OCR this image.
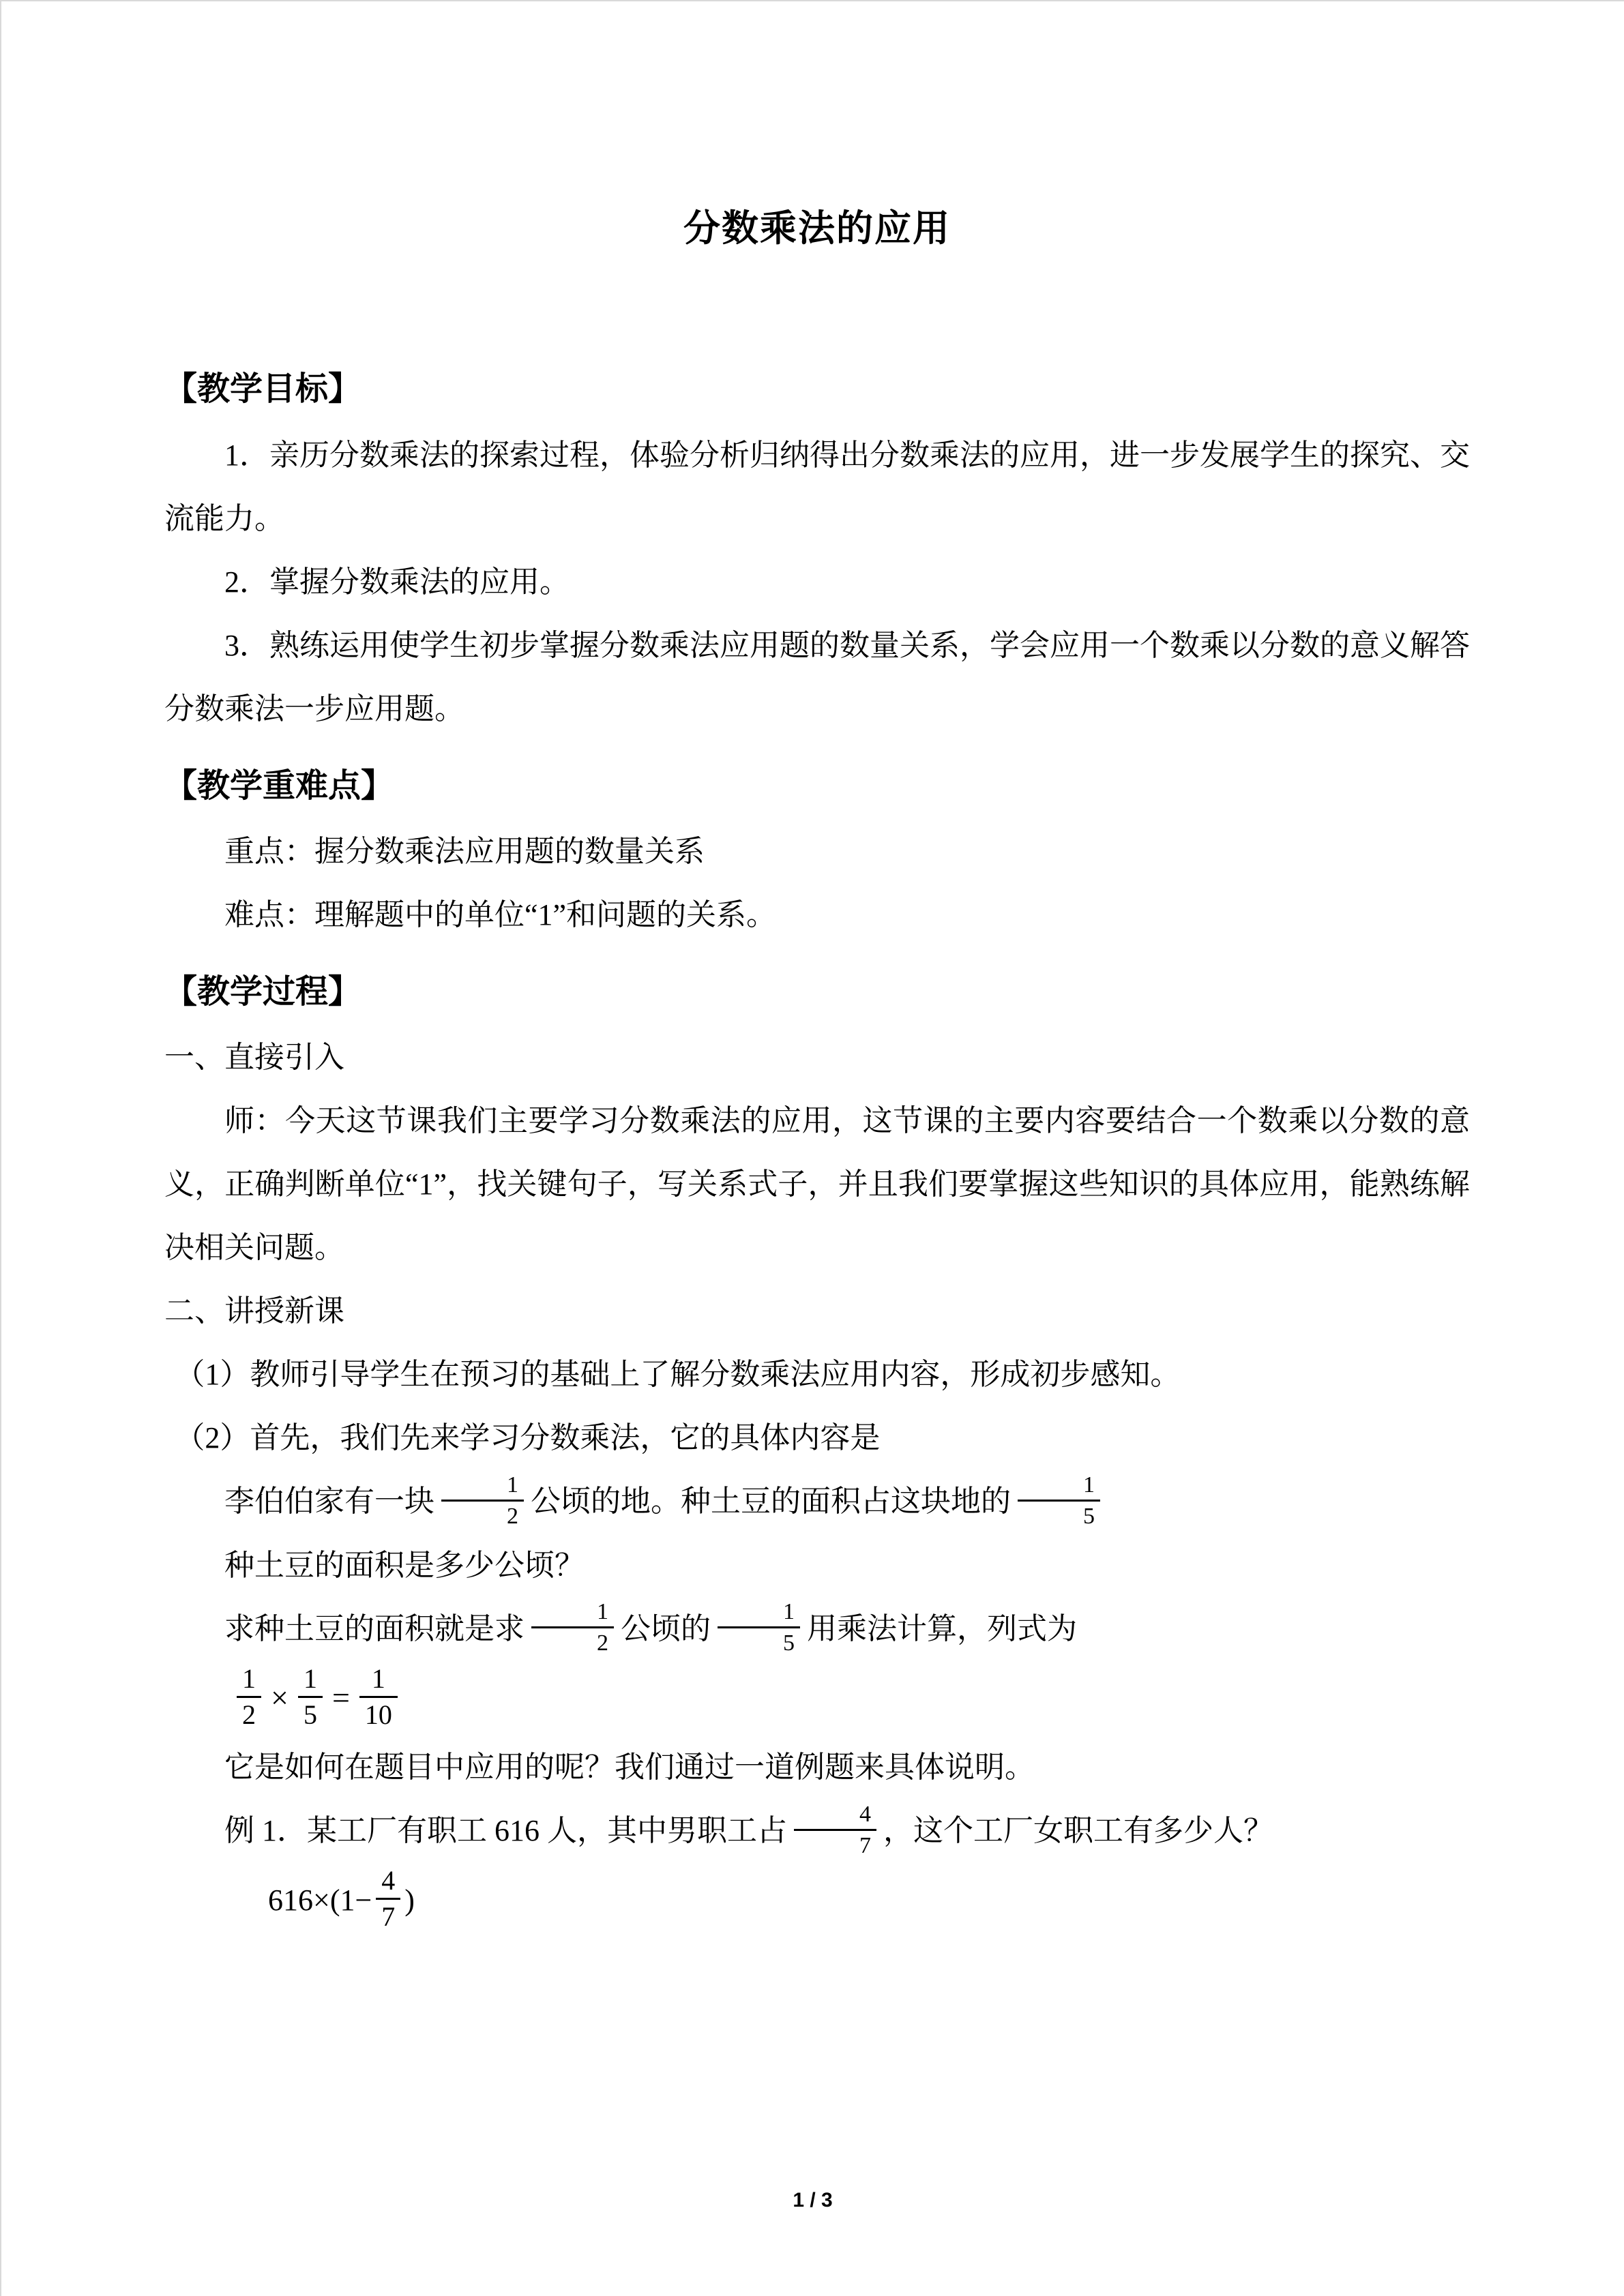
分数乘法的应用
【教学目标】

1．亲历分数乘法的探索过程，体验分析归纳得出分数乘法的应用，进一步发展学生的探究、交流能力。

2．掌握分数乘法的应用。

3．熟练运用使学生初步掌握分数乘法应用题的数量关系，学会应用一个数乘以分数的意义解答分数乘法一步应用题。

【教学重难点】

重点：握分数乘法应用题的数量关系

难点：理解题中的单位“1”和问题的关系。

【教学过程】

一、直接引入

师：今天这节课我们主要学习分数乘法的应用，这节课的主要内容要结合一个数乘以分数的意义，正确判断单位“1”，找关键句子，写关系式子，并且我们要掌握这些知识的具体应用，能熟练解决相关问题。

二、讲授新课

（1）教师引导学生在预习的基础上了解分数乘法应用内容，形成初步感知。

（2）首先，我们先来学习分数乘法，它的具体内容是

李伯伯家有一块 $\frac{1}{2}$ 公顷的地。种土豆的面积占这块地的 $\frac{1}{5}$

种土豆的面积是多少公顷？

求种土豆的面积就是求 $\frac{1}{2}$ 公顷的 $\frac{1}{5}$ 用乘法计算，列式为

$\frac{1}{2} \times \frac{1}{5} = \frac{1}{10}$

它是如何在题目中应用的呢？我们通过一道例题来具体说明。

例 1．某工厂有职工 616 人，其中男职工占 $\frac{4}{7}$ ，这个工厂女职工有多少人？

$616\times(1- \frac{4}{7}$ )

1 / 3
